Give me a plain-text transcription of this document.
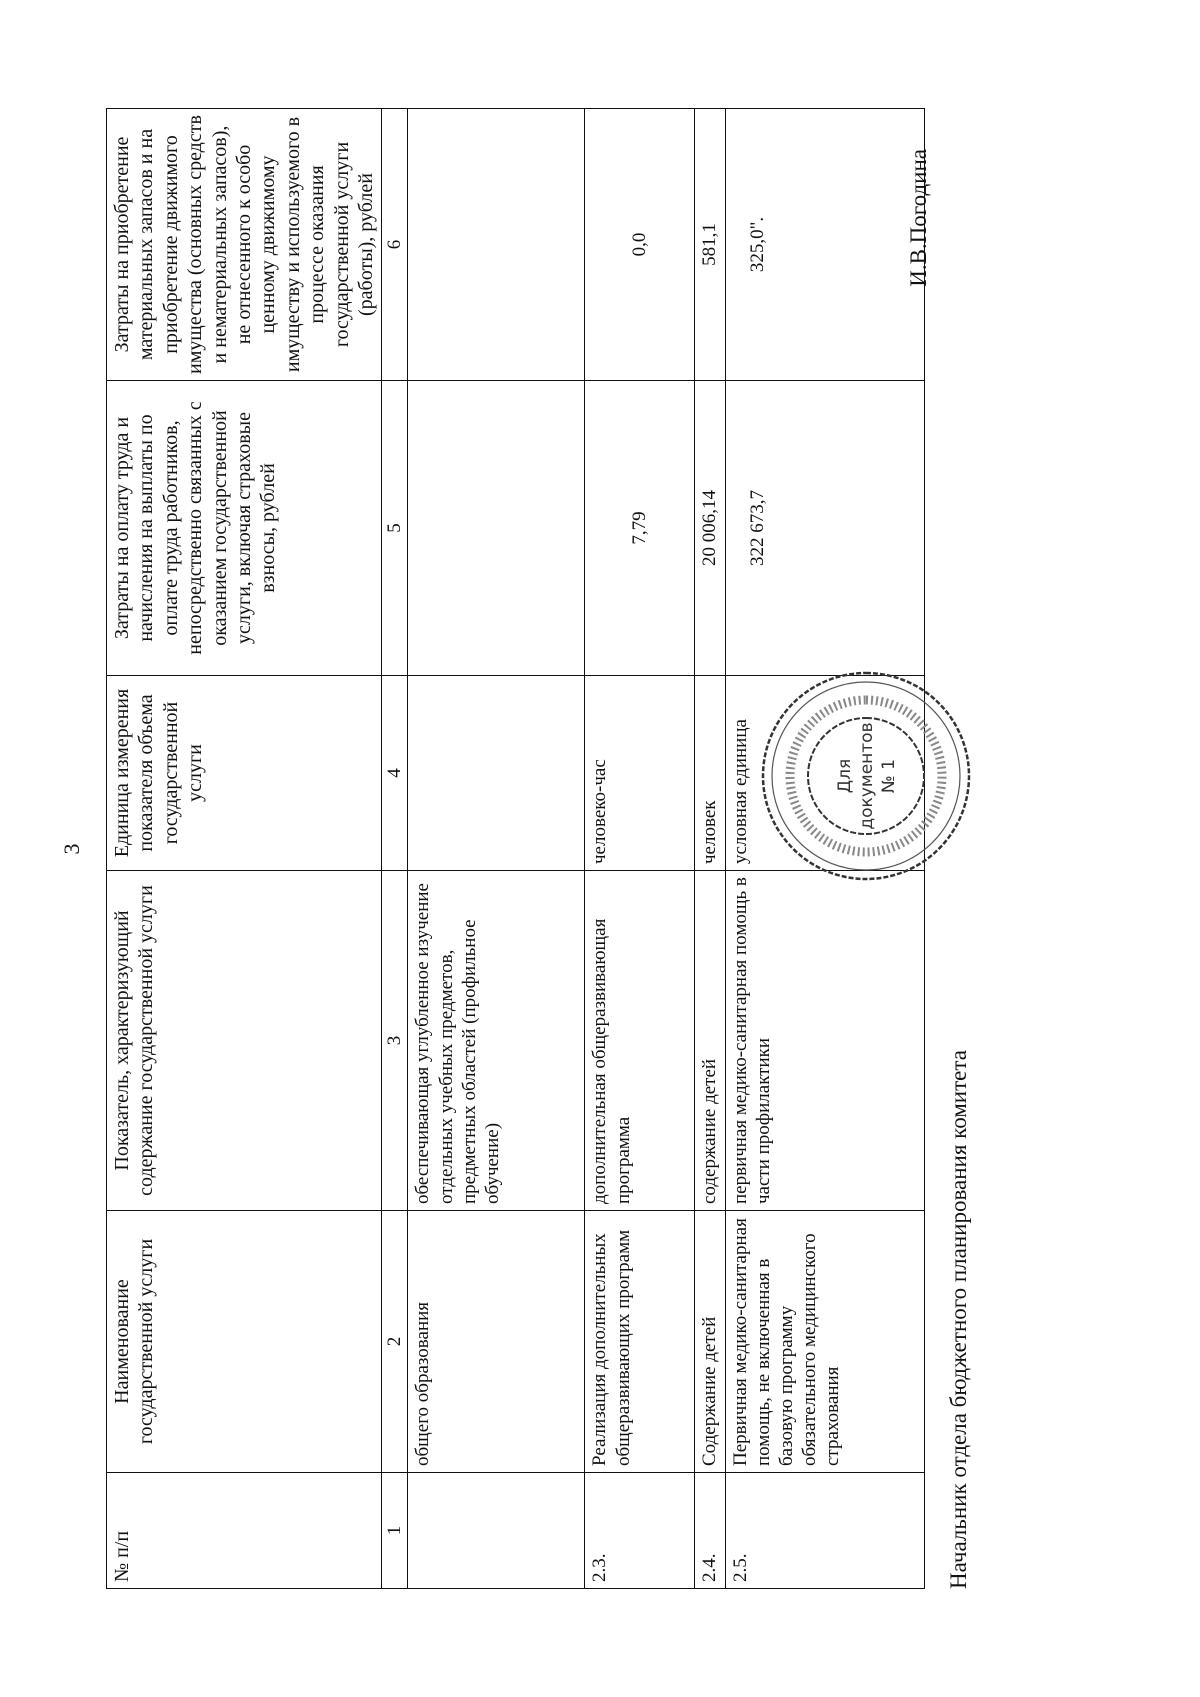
3
№ п/п	Наименование государственной услуги	Показатель, характеризующий содержание государственной услуги	Единица измерения показателя объема государственной услуги	Затраты на оплату труда и начисления на выплаты по оплате труда работников, непосредственно связанных с оказанием государственной услуги, включая страховые взносы, рублей	Затраты на приобретение материальных запасов и на приобретение движимого имущества (основных средств и нематериальных запасов), не отнесенного к особо ценному движимому имуществу и используемого в процессе оказания государственной услуги (работы), рублей
1	2	3	4	5	6
	общего образования	обеспечивающая углубленное изучение отдельных учебных предметов, предметных областей (профильное обучение)			
2.3.	Реализация дополнительных общеразвивающих программ	дополнительная общеразвивающая программа	человеко-час	7,79	0,0
2.4.	Содержание детей	содержание детей	человек	20 006,14	581,1
2.5.	Первичная медико-санитарная помощь, не включенная в базовую программу обязательного медицинского страхования	первичная медико-санитарная помощь в части профилактики	условная единица	322 673,7	325,0".
Начальник отдела бюджетного планирования комитета
Для документов № 1
И.В.Погодина
